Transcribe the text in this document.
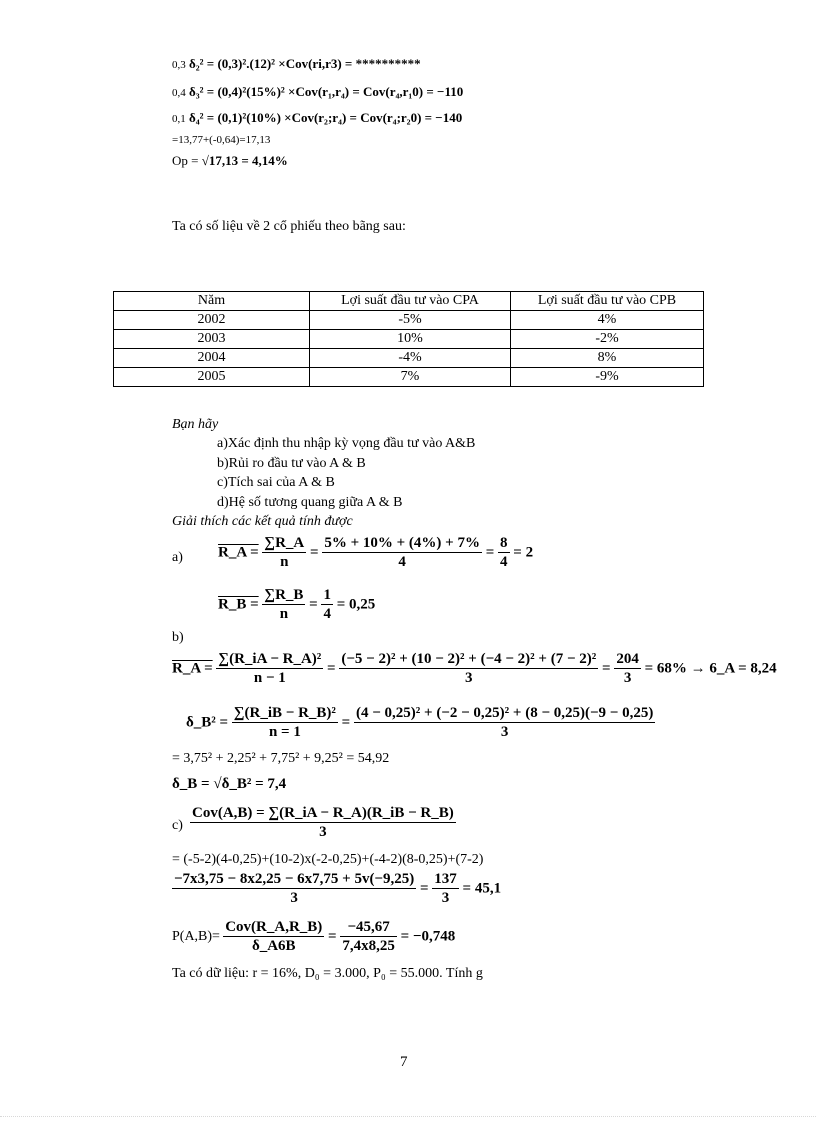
0,3 δ₂² = (0,3)².(12)² ×Cov(ri,r3) = **********
0,4 δ₃² = (0,4)²(15%)² ×Cov(r₁,r₄) = Cov(r₄,r₁0) = −110
0,1 δ₄² = (0,1)²(10%) ×Cov(r₂;r₄) = Cov(r₄;r₂0) = −140
=13,77+(-0,64)=17,13
Op = √17,13 = 4,14%
Ta có số liệu về 2 cổ phiếu theo bãng sau:
Năm	Lợi suất đầu tư vào CPA	Lợi suất đầu tư vào CPB
2002	-5%	4%
2003	10%	-2%
2004	-4%	8%
2005	7%	-9%
Bạn hãy
a)Xác định thu nhập kỳ vọng đầu tư vào A&B
b)Rủi ro đầu tư vào A & B
c)Tích sai của A & B
d)Hệ số tương quang giữa A & B
Giải thích các kết quả tính được
a) R_A = $\frac{\sum R\_A}{n} = \frac{5\% + 10\% + (4\%) + 7\%}{4} = \frac{8}{4} = 2$
R_B = $\frac{\sum R\_B}{n} = \frac{1}{4} = 0,25$
b)
R_A = $\frac{\text{∑(R\_iA − R\_A)²}}{n - 1} = \frac{\text{(−5 − 2)² + (10 − 2)² + (−4 − 2)² + (7 − 2)²}}{3} = \frac{204}{3} = 68\%$ → 6_A = 8,24
δ_B² = $\frac{\text{∑(R\_iB − R\_B)²}}{n = 1} = \frac{\text{(4 − 0,25)² + (−2 − 0,25)² + (8 − 0,25)(−9 − 0,25)}}{3}$
= 3,75² + 2,25² + 7,75² + 9,25² = 54,92
δ_B = √δ_B² = 7,4
$c) \frac{\text{Cov(A,B) = ∑(R\_iA − R\_A)(R\_iB − R\_B)}}{3}$
= (-5-2)(4-0,25)+(10-2)x(-2-0,25)+(-4-2)(8-0,25)+(7-2)
$\frac{-7x3,75 - 8x2,25 - 6x7,75 + 5v(-9,25)}{3} = \frac{137}{3} = 45,1$
$P(A,B)= \frac{\text{Cov(R\_A,R\_B)}}{\delta\_A6B} = \frac{-45,67}{7,4x8,25} = -0,748$
Ta có dữ liệu: r = 16%, D₀ = 3.000, P₀ = 55.000. Tính g
7
